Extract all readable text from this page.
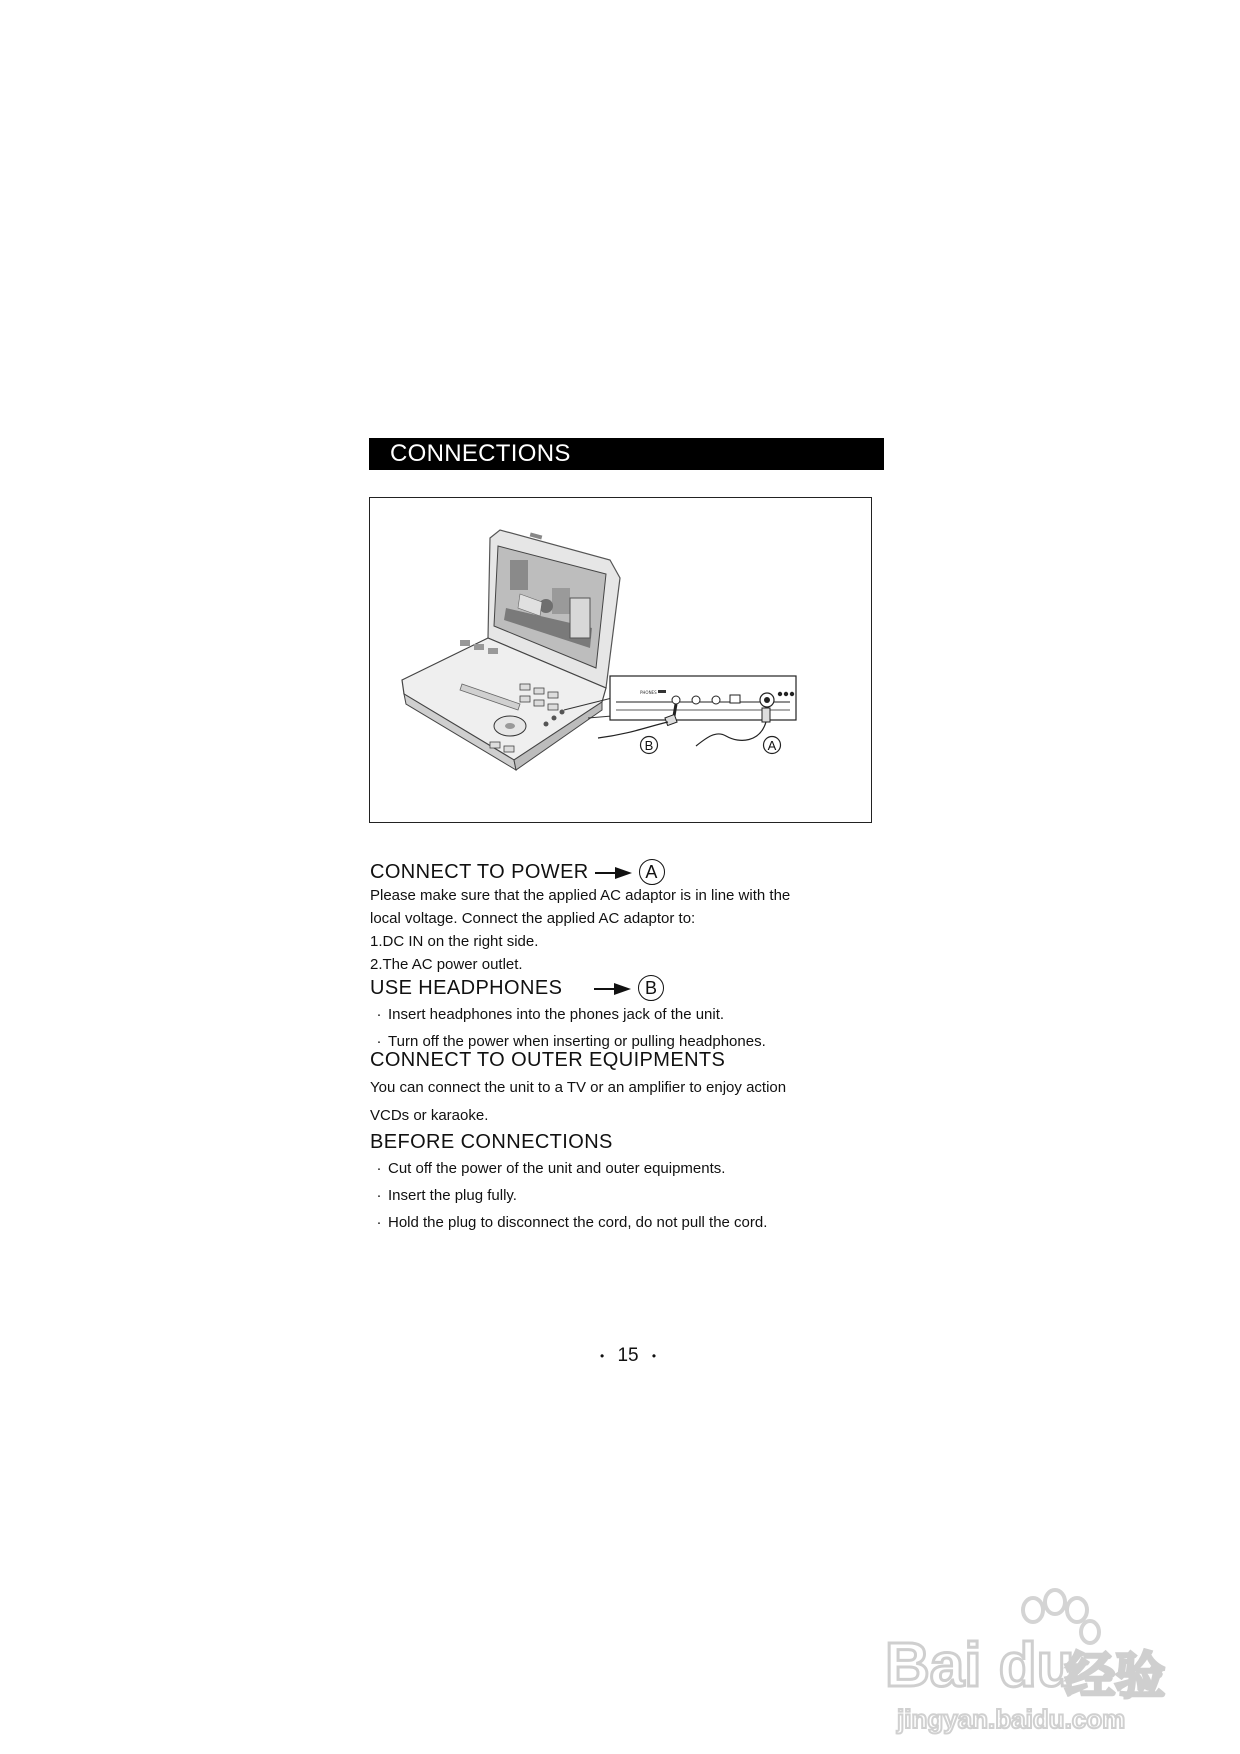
CONNECTIONS
PHONES
B	A
CONNECT TO POWER	A
Please make sure that the applied AC adaptor is in line with the
local voltage. Connect the applied AC adaptor to:
1.DC IN on the right side.
2.The AC power outlet.
USE HEADPHONES	B
· Insert headphones into the phones jack of the unit.
· Turn off the power when inserting or pulling headphones.
CONNECT TO OUTER EQUIPMENTS
You can connect the unit to a TV or an amplifier to enjoy action
VCDs or karaoke.
BEFORE CONNECTIONS
· Cut off the power of the unit and outer equipments.
· Insert the plug fully.
· Hold the plug to disconnect the cord, do not pull the cord.
• 15 •
Bai du
经验
jingyan.baidu.com
